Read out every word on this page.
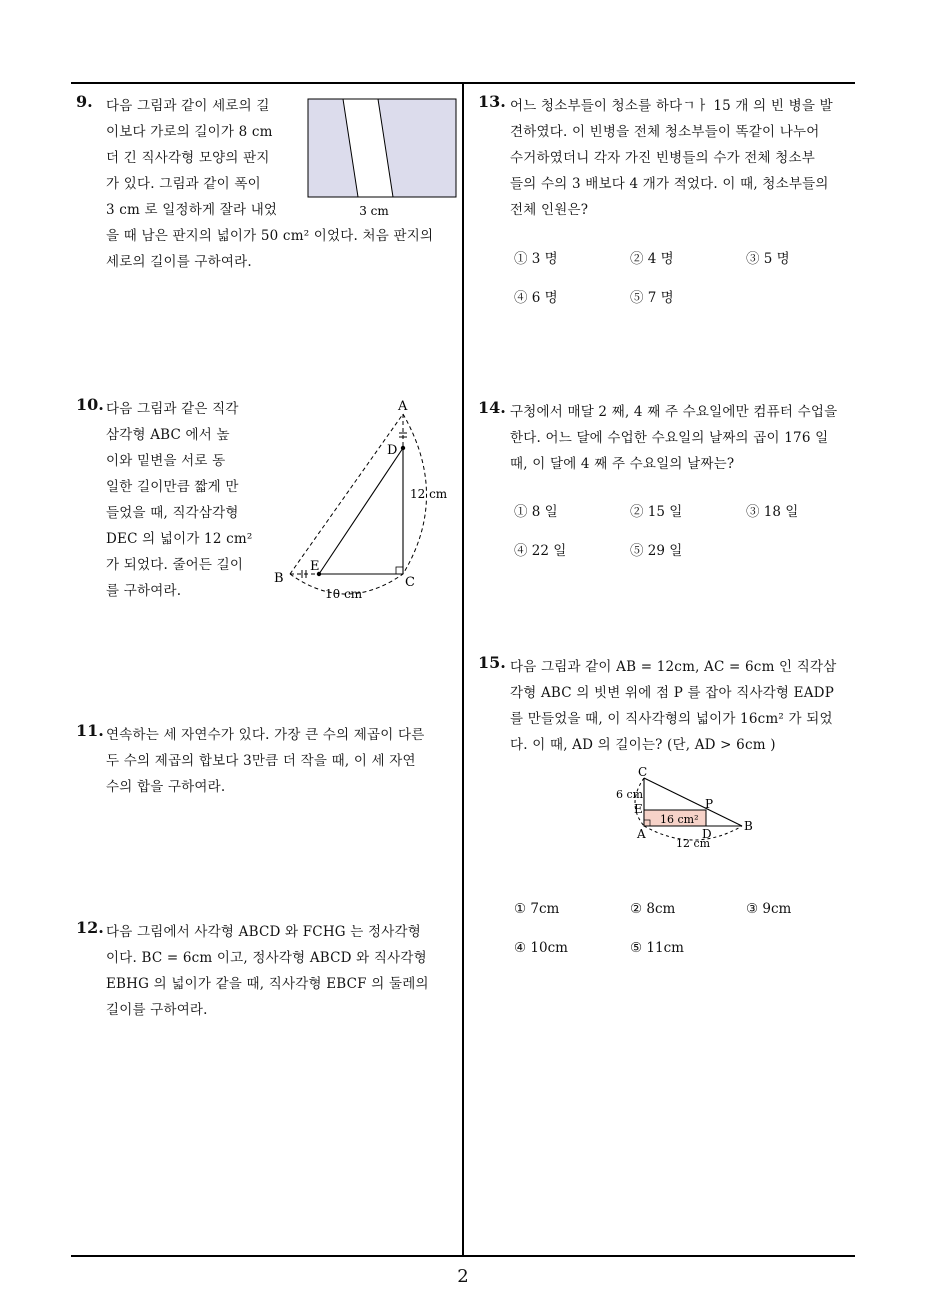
9. 다음 그림과 같이 세로의 길
이보다 가로의 길이가 8 cm
더 긴 직사각형 모양의 판지
가 있다. 그림과 같이 폭이
3 cm 로 일정하게 잘라 내었
을 때 남은 판지의 넓이가 50 cm² 이었다. 처음 판지의
세로의 길이를 구하여라.
3 cm
10. 다음 그림과 같은 직각
삼각형 ABC 에서 높
이와 밑변을 서로 동
일한 길이만큼 짧게 만
들었을 때, 직각삼각형
DEC 의 넓이가 12 cm²
가 되었다. 줄어든 길이
를 구하여라.
A
D
E
B	C
12 cm
10 cm
11. 연속하는 세 자연수가 있다. 가장 큰 수의 제곱이 다른
두 수의 제곱의 합보다 3만큼 더 작을 때, 이 세 자연
수의 합을 구하여라.
12. 다음 그림에서 사각형 ABCD 와 FCHG 는 정사각형
이다. BC = 6cm 이고, 정사각형 ABCD 와 직사각형
EBHG 의 넓이가 같을 때, 직사각형 EBCF 의 둘레의
길이를 구하여라.
13. 어느 청소부들이 청소를 하다ㄱㅏ 15 개 의 빈 병을 발
견하였다. 이 빈병을 전체 청소부들이 똑같이 나누어
수거하였더니 각자 가진 빈병들의 수가 전체 청소부
들의 수의 3 배보다 4 개가 적었다. 이 때, 청소부들의
전체 인원은?
① 3 명	② 4 명	③ 5 명
④ 6 명	⑤ 7 명
14. 구청에서 매달 2 째, 4 째 주 수요일에만 컴퓨터 수업을
한다. 어느 달에 수업한 수요일의 날짜의 곱이 176 일
때, 이 달에 4 째 주 수요일의 날짜는?
① 8 일	② 15 일	③ 18 일
④ 22 일	⑤ 29 일
15. 다음 그림과 같이 AB = 12cm, AC = 6cm 인 직각삼
각형 ABC 의 빗변 위에 점 P 를 잡아 직사각형 EADP
를 만들었을 때, 이 직사각형의 넓이가 16cm² 가 되었
다. 이 때, AD 의 길이는? (단, AD > 6cm )
C
P
E
A	D
B
6 cm
16 cm²
12 cm
① 7cm	② 8cm	③ 9cm
④ 10cm	⑤ 11cm
2
